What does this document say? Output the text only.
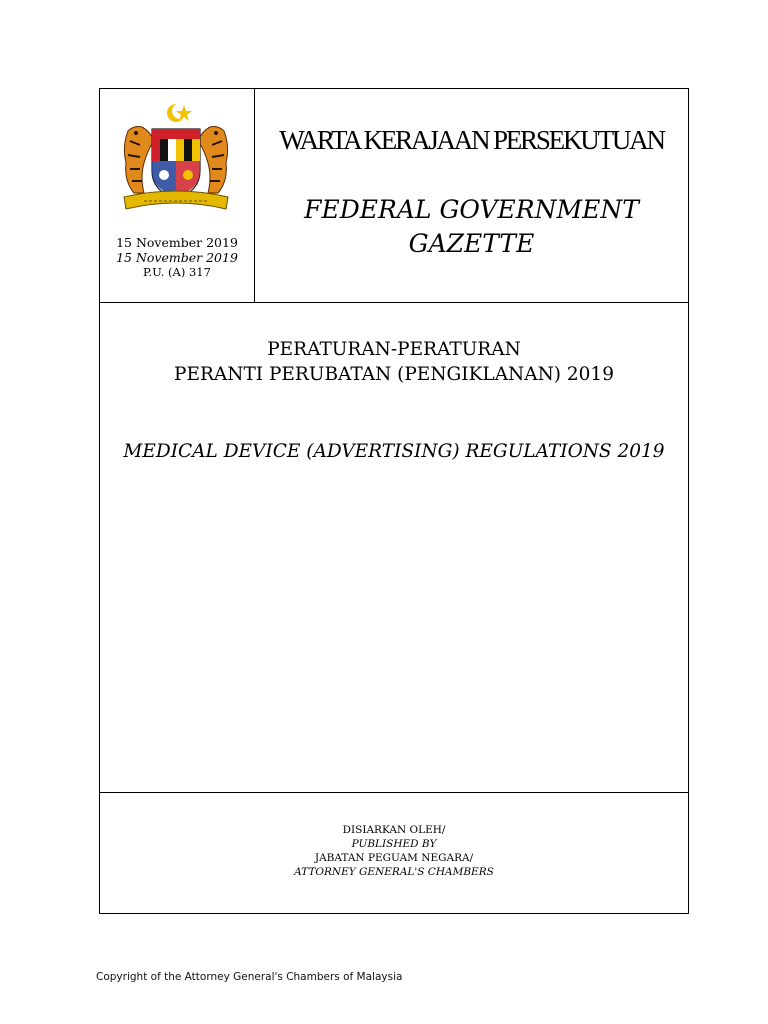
15 November 2019
15 November 2019
P.U. (A) 317
WARTA KERAJAAN PERSEKUTUAN
FEDERAL GOVERNMENT
GAZETTE
PERATURAN-PERATURAN
PERANTI PERUBATAN (PENGIKLANAN) 2019
MEDICAL DEVICE (ADVERTISING) REGULATIONS 2019
DISIARKAN OLEH/
PUBLISHED BY
JABATAN PEGUAM NEGARA/
ATTORNEY GENERAL'S CHAMBERS
Copyright of the Attorney General's Chambers of Malaysia
